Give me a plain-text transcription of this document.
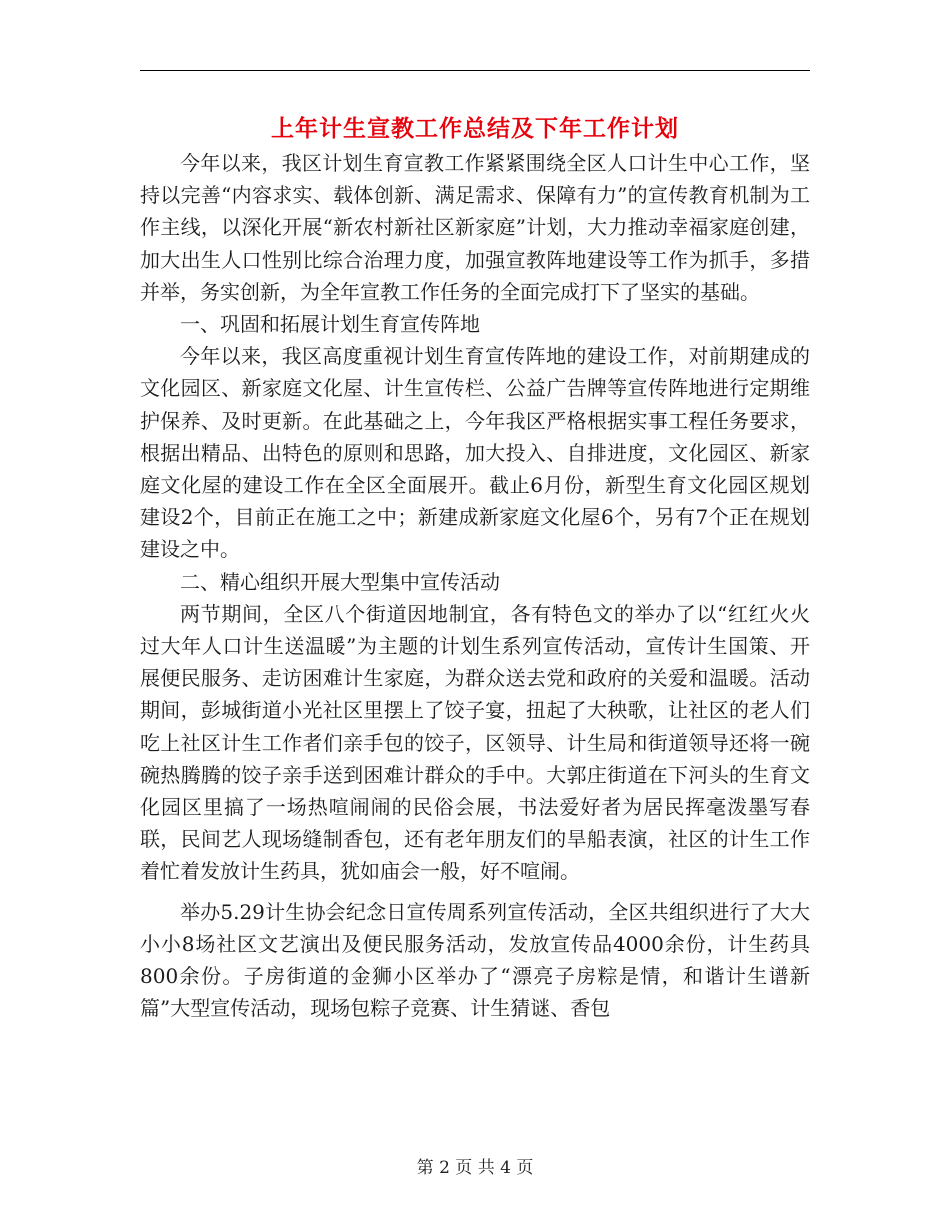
上年计生宣教工作总结及下年工作计划

今年以来，我区计划生育宣教工作紧紧围绕全区人口计生中心工作，坚持以完善“内容求实、载体创新、满足需求、保障有力”的宣传教育机制为工作主线，以深化开展“新农村新社区新家庭”计划，大力推动幸福家庭创建，加大出生人口性别比综合治理力度，加强宣教阵地建设等工作为抓手，多措并举，务实创新，为全年宣教工作任务的全面完成打下了坚实的基础。

一、巩固和拓展计划生育宣传阵地

今年以来，我区高度重视计划生育宣传阵地的建设工作，对前期建成的文化园区、新家庭文化屋、计生宣传栏、公益广告牌等宣传阵地进行定期维护保养、及时更新。在此基础之上，今年我区严格根据实事工程任务要求，根据出精品、出特色的原则和思路，加大投入、自排进度，文化园区、新家庭文化屋的建设工作在全区全面展开。截止6月份，新型生育文化园区规划建设2个，目前正在施工之中；新建成新家庭文化屋6个，另有7个正在规划建设之中。

二、精心组织开展大型集中宣传活动

两节期间，全区八个街道因地制宜，各有特色文的举办了以“红红火火过大年人口计生送温暖”为主题的计划生系列宣传活动，宣传计生国策、开展便民服务、走访困难计生家庭，为群众送去党和政府的关爱和温暖。活动期间，彭城街道小光社区里摆上了饺子宴，扭起了大秧歌，让社区的老人们吃上社区计生工作者们亲手包的饺子，区领导、计生局和街道领导还将一碗碗热腾腾的饺子亲手送到困难计群众的手中。大郭庄街道在下河头的生育文化园区里搞了一场热喧闹闹的民俗会展，书法爱好者为居民挥毫泼墨写春联，民间艺人现场缝制香包，还有老年朋友们的旱船表演，社区的计生工作着忙着发放计生药具，犹如庙会一般，好不喧闹。

举办5.29计生协会纪念日宣传周系列宣传活动，全区共组织进行了大大小小8场社区文艺演出及便民服务活动，发放宣传品4000余份，计生药具800余份。子房街道的金狮小区举办了“漂亮子房粽是情，和谐计生谱新篇”大型宣传活动，现场包粽子竞赛、计生猜谜、香包

第 2 页 共 4 页
